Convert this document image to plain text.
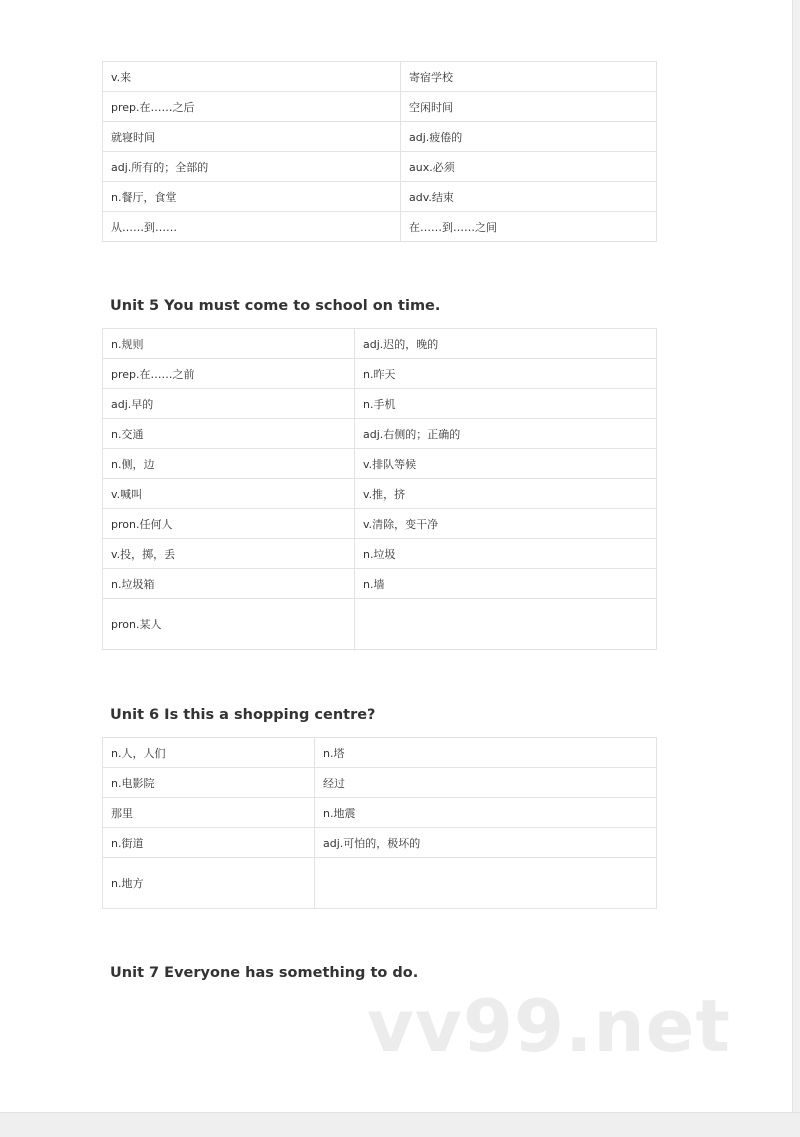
v.来	寄宿学校
prep.在……之后	空闲时间
就寝时间	adj.疲倦的
adj.所有的；全部的	aux.必须
n.餐厅，食堂	adv.结束
从……到……	在……到……之间
Unit 5 You must come to school on time.
n.规则	adj.迟的，晚的
prep.在……之前	n.昨天
adj.早的	n.手机
n.交通	adj.右侧的；正确的
n.侧，边	v.排队等候
v.喊叫	v.推，挤
pron.任何人	v.清除，变干净
v.投，掷，丢	n.垃圾
n.垃圾箱	n.墙
pron.某人	
Unit 6 Is this a shopping centre?
n.人，人们	n.塔
n.电影院	经过
那里	n.地震
n.街道	adj.可怕的，极坏的
n.地方	
Unit 7 Everyone has something to do.
vv99.net
